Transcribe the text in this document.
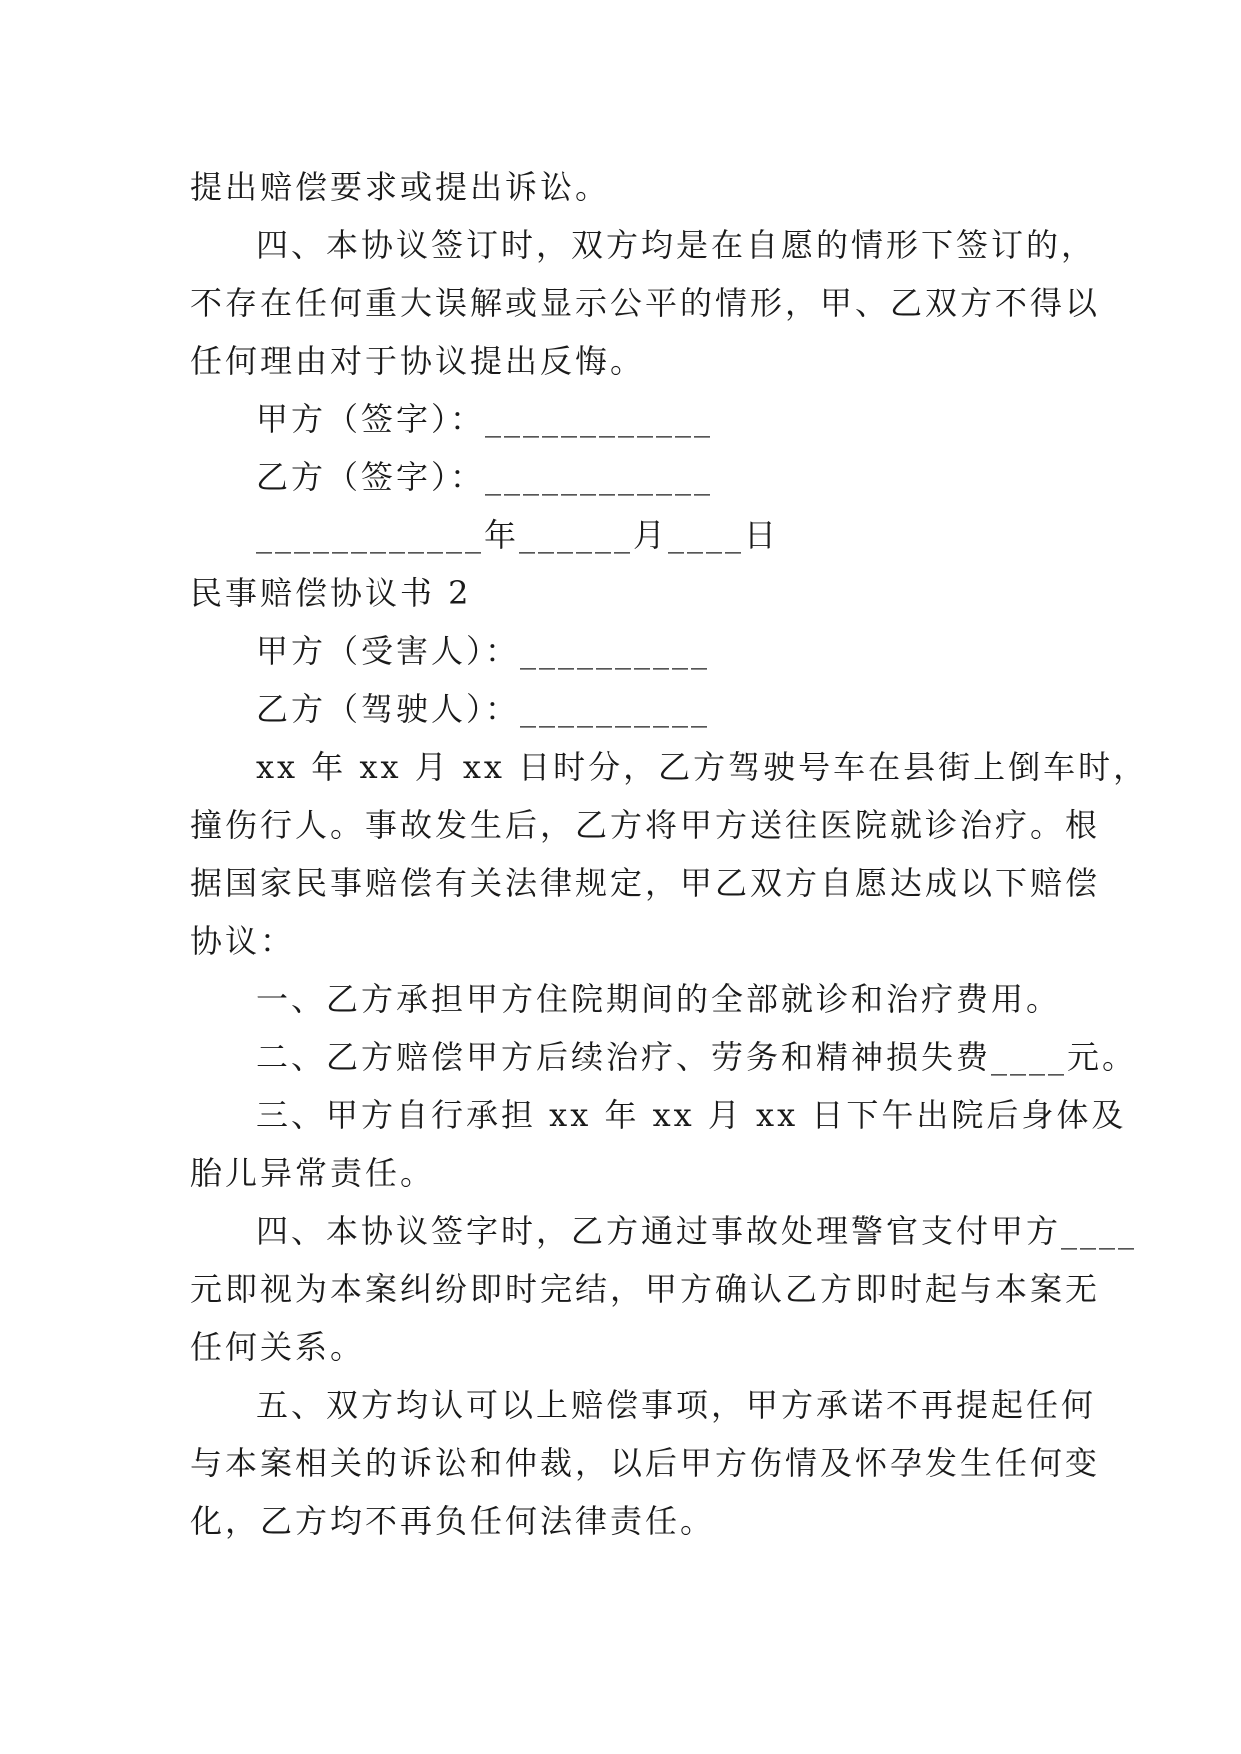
提出赔偿要求或提出诉讼。
四、本协议签订时，双方均是在自愿的情形下签订的，
不存在任何重大误解或显示公平的情形，甲、乙双方不得以
任何理由对于协议提出反悔。
甲方（签字）：____________
乙方（签字）：____________
____________年______月____日
民事赔偿协议书 2
甲方（受害人）：__________
乙方（驾驶人）：__________
xx 年 xx 月 xx 日时分，乙方驾驶号车在县街上倒车时，
撞伤行人。事故发生后，乙方将甲方送往医院就诊治疗。根
据国家民事赔偿有关法律规定，甲乙双方自愿达成以下赔偿
协议：
一、乙方承担甲方住院期间的全部就诊和治疗费用。
二、乙方赔偿甲方后续治疗、劳务和精神损失费____元。
三、甲方自行承担 xx 年 xx 月 xx 日下午出院后身体及
胎儿异常责任。
四、本协议签字时，乙方通过事故处理警官支付甲方____
元即视为本案纠纷即时完结，甲方确认乙方即时起与本案无
任何关系。
五、双方均认可以上赔偿事项，甲方承诺不再提起任何
与本案相关的诉讼和仲裁，以后甲方伤情及怀孕发生任何变
化，乙方均不再负任何法律责任。
